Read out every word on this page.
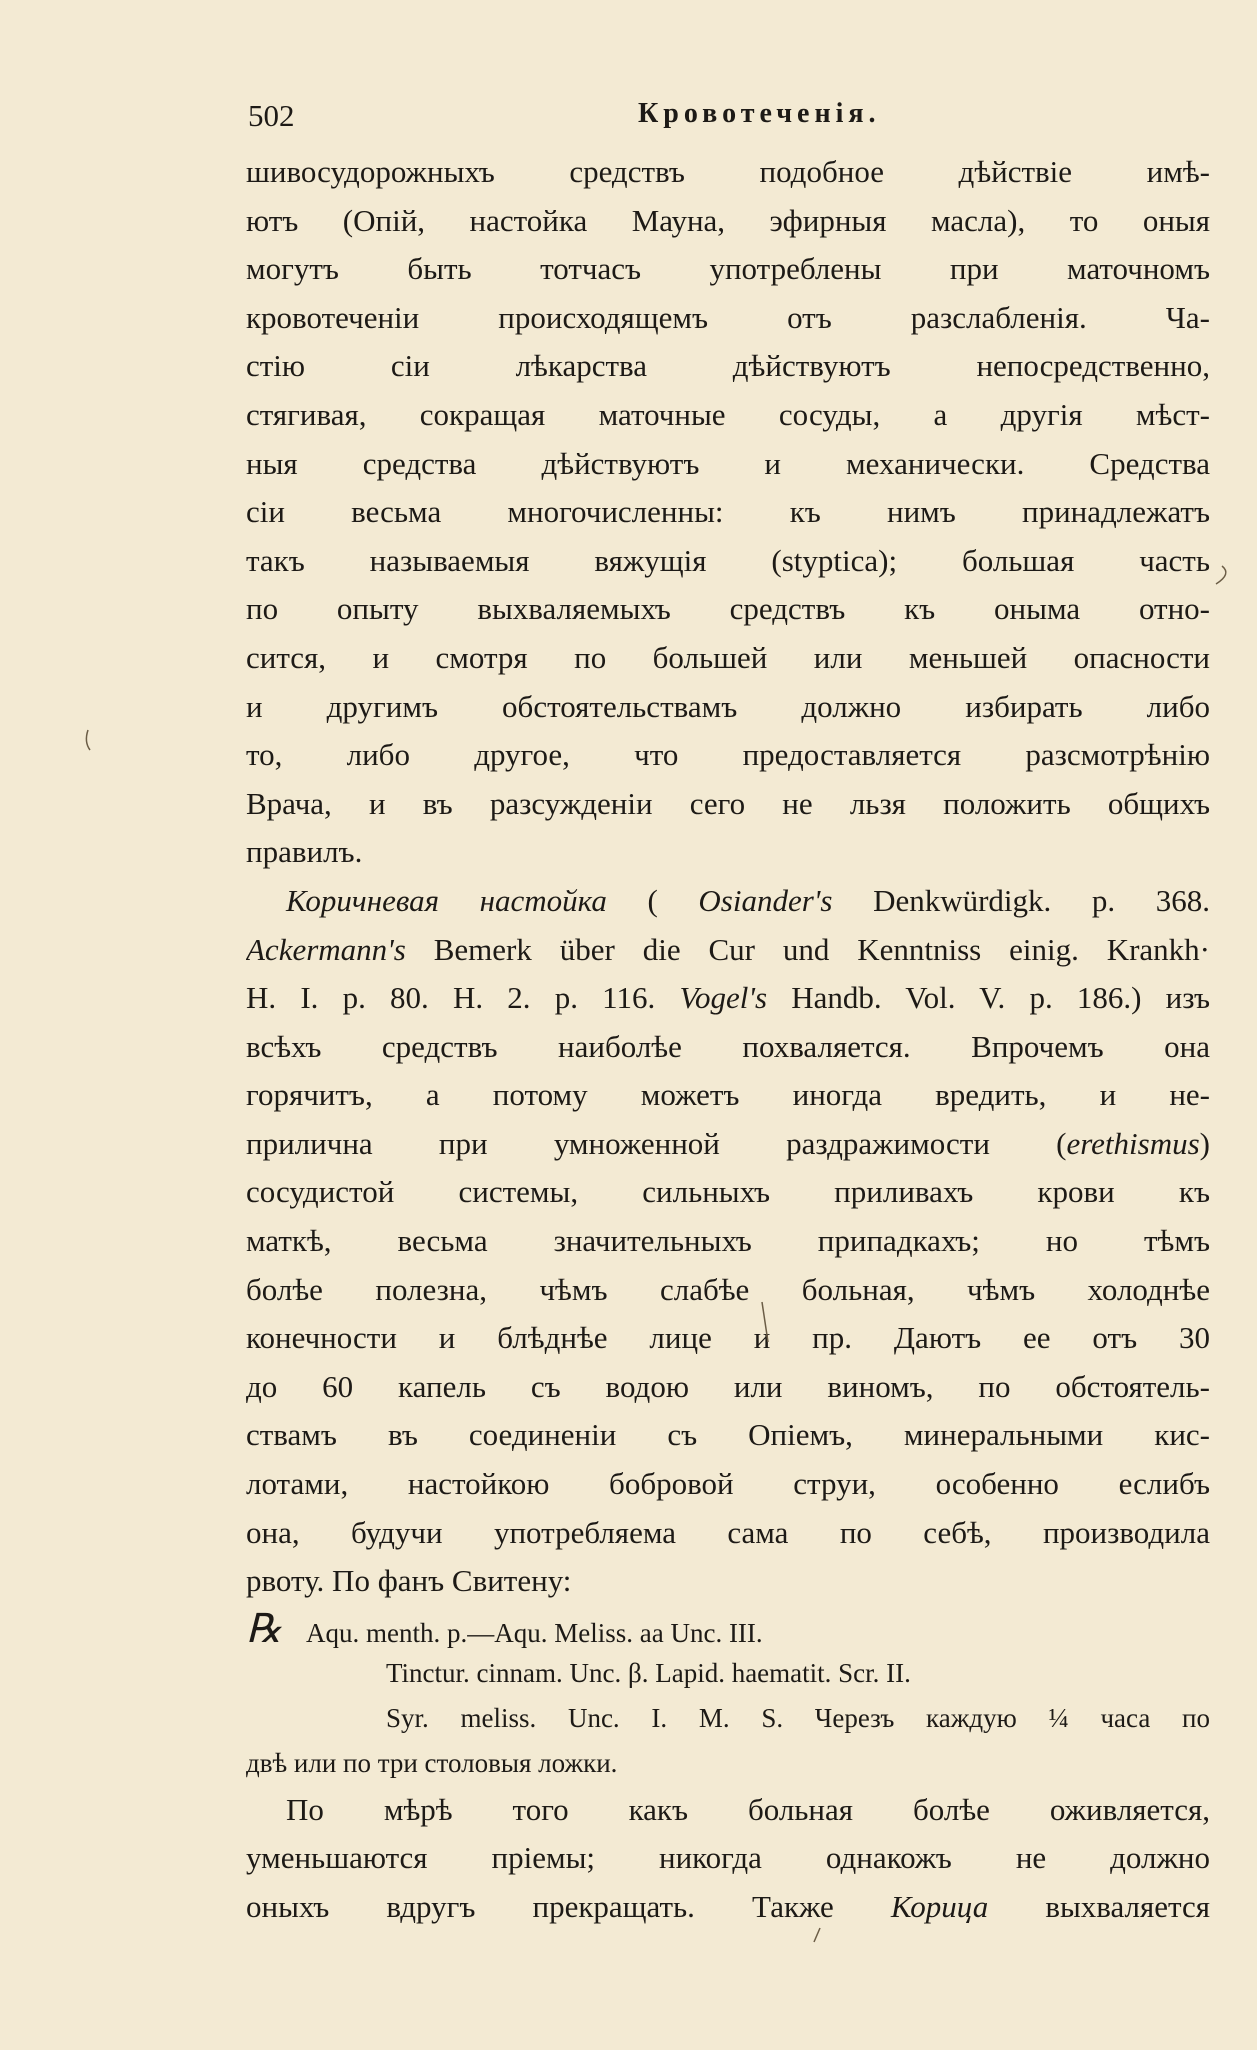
502	Кровотеченія.
шивосудорожныхъ средствъ подобное дѣйствіе имѣ-
ютъ (Опій, настойка Мауна, эфирныя масла), то оныя
могутъ быть тотчасъ употреблены при маточномъ
кровотеченіи происходящемъ отъ разслабленія. Ча-
стію сіи лѣкарства дѣйствуютъ непосредственно,
стягивая, сокращая маточные сосуды, а другія мѣст-
ныя средства дѣйствуютъ и механически. Средства
сіи весьма многочисленны: къ нимъ принадлежатъ
такъ называемыя вяжущія (styptica); большая часть
по опыту выхваляемыхъ средствъ къ оныма отно-
сится, и смотря по большей или меньшей опасности
и другимъ обстоятельствамъ должно избирать либо
то, либо другое, что предоставляется разсмотрѣнію
Врача, и въ разсужденіи сего не льзя положить общихъ
правилъ.
Коричневая настойка ( Osiander's Denkwürdigk. p. 368.
Ackermann's Bemerk über die Cur und Kenntniss einig. Krankh·
H. I. p. 80. H. 2. p. 116. Vogel's Handb. Vol. V. p. 186.) изъ
всѣхъ средствъ наиболѣе похваляется. Впрочемъ она
горячитъ, а потому можетъ иногда вредить, и не-
прилична при умноженной раздражимости (erethismus)
сосудистой системы, сильныхъ приливахъ крови къ
маткѣ, весьма значительныхъ припадкахъ; но тѣмъ
болѣе полезна, чѣмъ слабѣе больная, чѣмъ холоднѣе
конечности и блѣднѣе лице и пр. Даютъ ее отъ 30
до 60 капель съ водою или виномъ, по обстоятель-
ствамъ въ соединеніи съ Опіемъ, минеральными кис-
лотами, настойкою бобровой струи, особенно еслибъ
она, будучи употребляема сама по себѣ, производила
рвоту. По фанъ Свитену:
℞ Aqu. menth. p.—Aqu. Meliss. aa Unc. III.
Tinctur. cinnam. Unc. β. Lapid. haematit. Scr. II.
Syr. meliss. Unc. I. M. S. Черезъ каждую ¼ часа по
двѣ или по три столовыя ложки.
По мѣрѣ того какъ больная болѣе оживляется,
уменьшаются пріемы; никогда однакожъ не должно
оныхъ вдругъ прекращать. Также Корица выхваляется
